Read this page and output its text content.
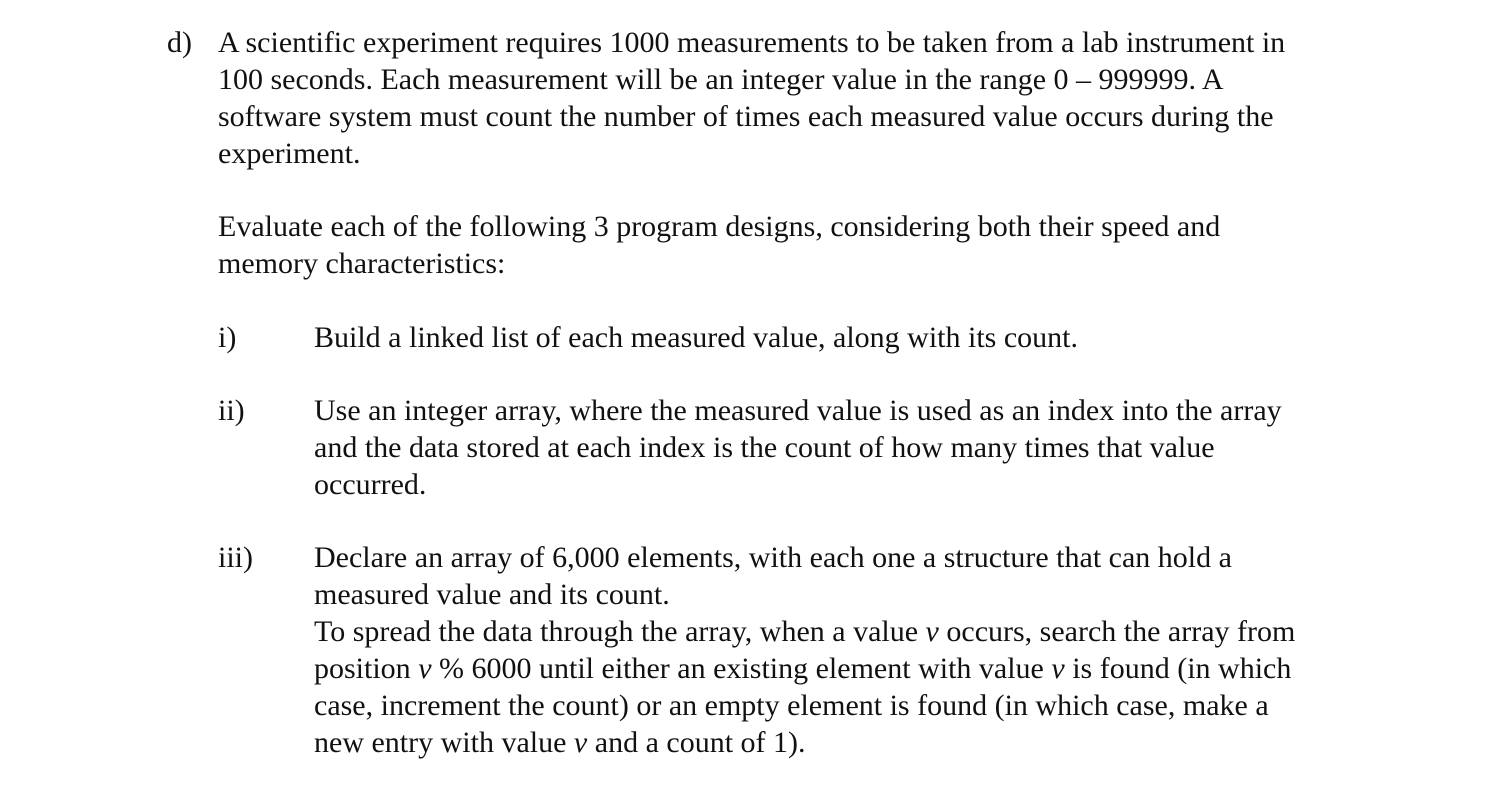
d) A scientific experiment requires 1000 measurements to be taken from a lab instrument in
100 seconds. Each measurement will be an integer value in the range 0 – 999999. A
software system must count the number of times each measured value occurs during the
experiment.
Evaluate each of the following 3 program designs, considering both their speed and
memory characteristics:
i)	Build a linked list of each measured value, along with its count.
ii) Use an integer array, where the measured value is used as an index into the array
and the data stored at each index is the count of how many times that value
occurred.
iii) Declare an array of 6,000 elements, with each one a structure that can hold a
measured value and its count.
To spread the data through the array, when a value v occurs, search the array from
position v % 6000 until either an existing element with value v is found (in which
case, increment the count) or an empty element is found (in which case, make a
new entry with value v and a count of 1).
